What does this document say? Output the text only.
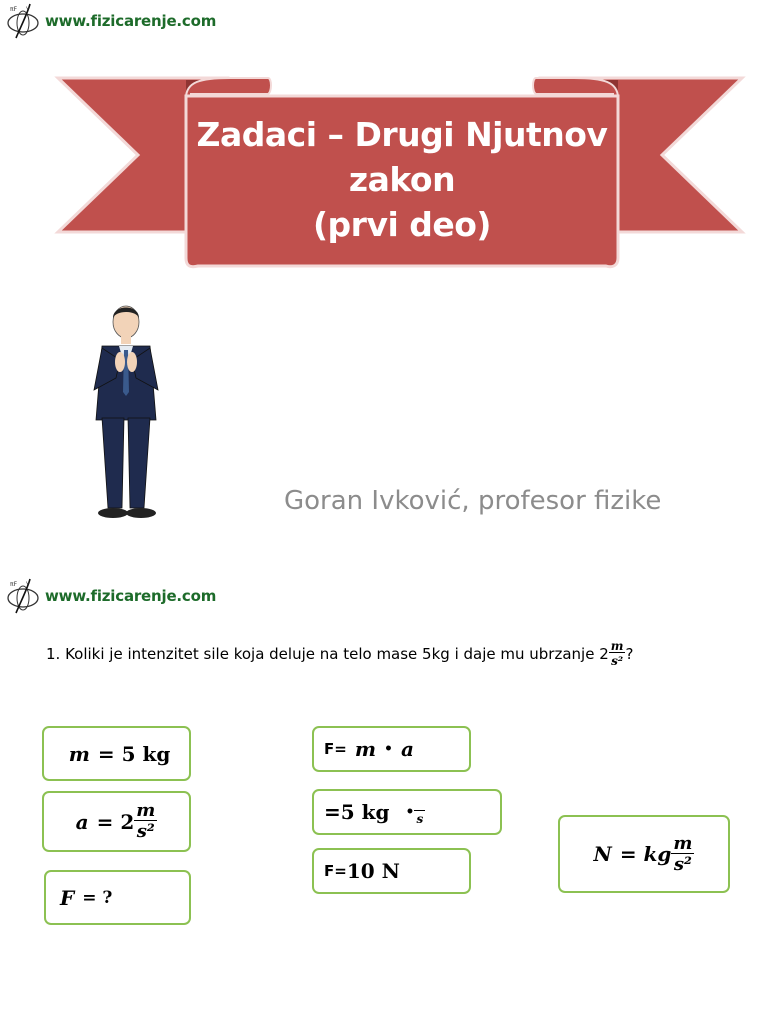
πF v
www.fizicarenje.com
Zadaci – Drugi Njutnov
zakon
(prvi deo)
Goran Ivković, profesor fizike
πF v
www.fizicarenje.com
1. Koliki je intenzitet sile koja deluje na telo mase 5kg i daje mu ubrzanje $2 \frac{m}{\text{s²}}$ ?
m = 5 kg
$a = 2 \frac{m}{\text{s²}}$
F = ?
F= m • a
= 5 kg •
s
F= 10 N
N = kg $\frac{m}{\text{s²}}$
